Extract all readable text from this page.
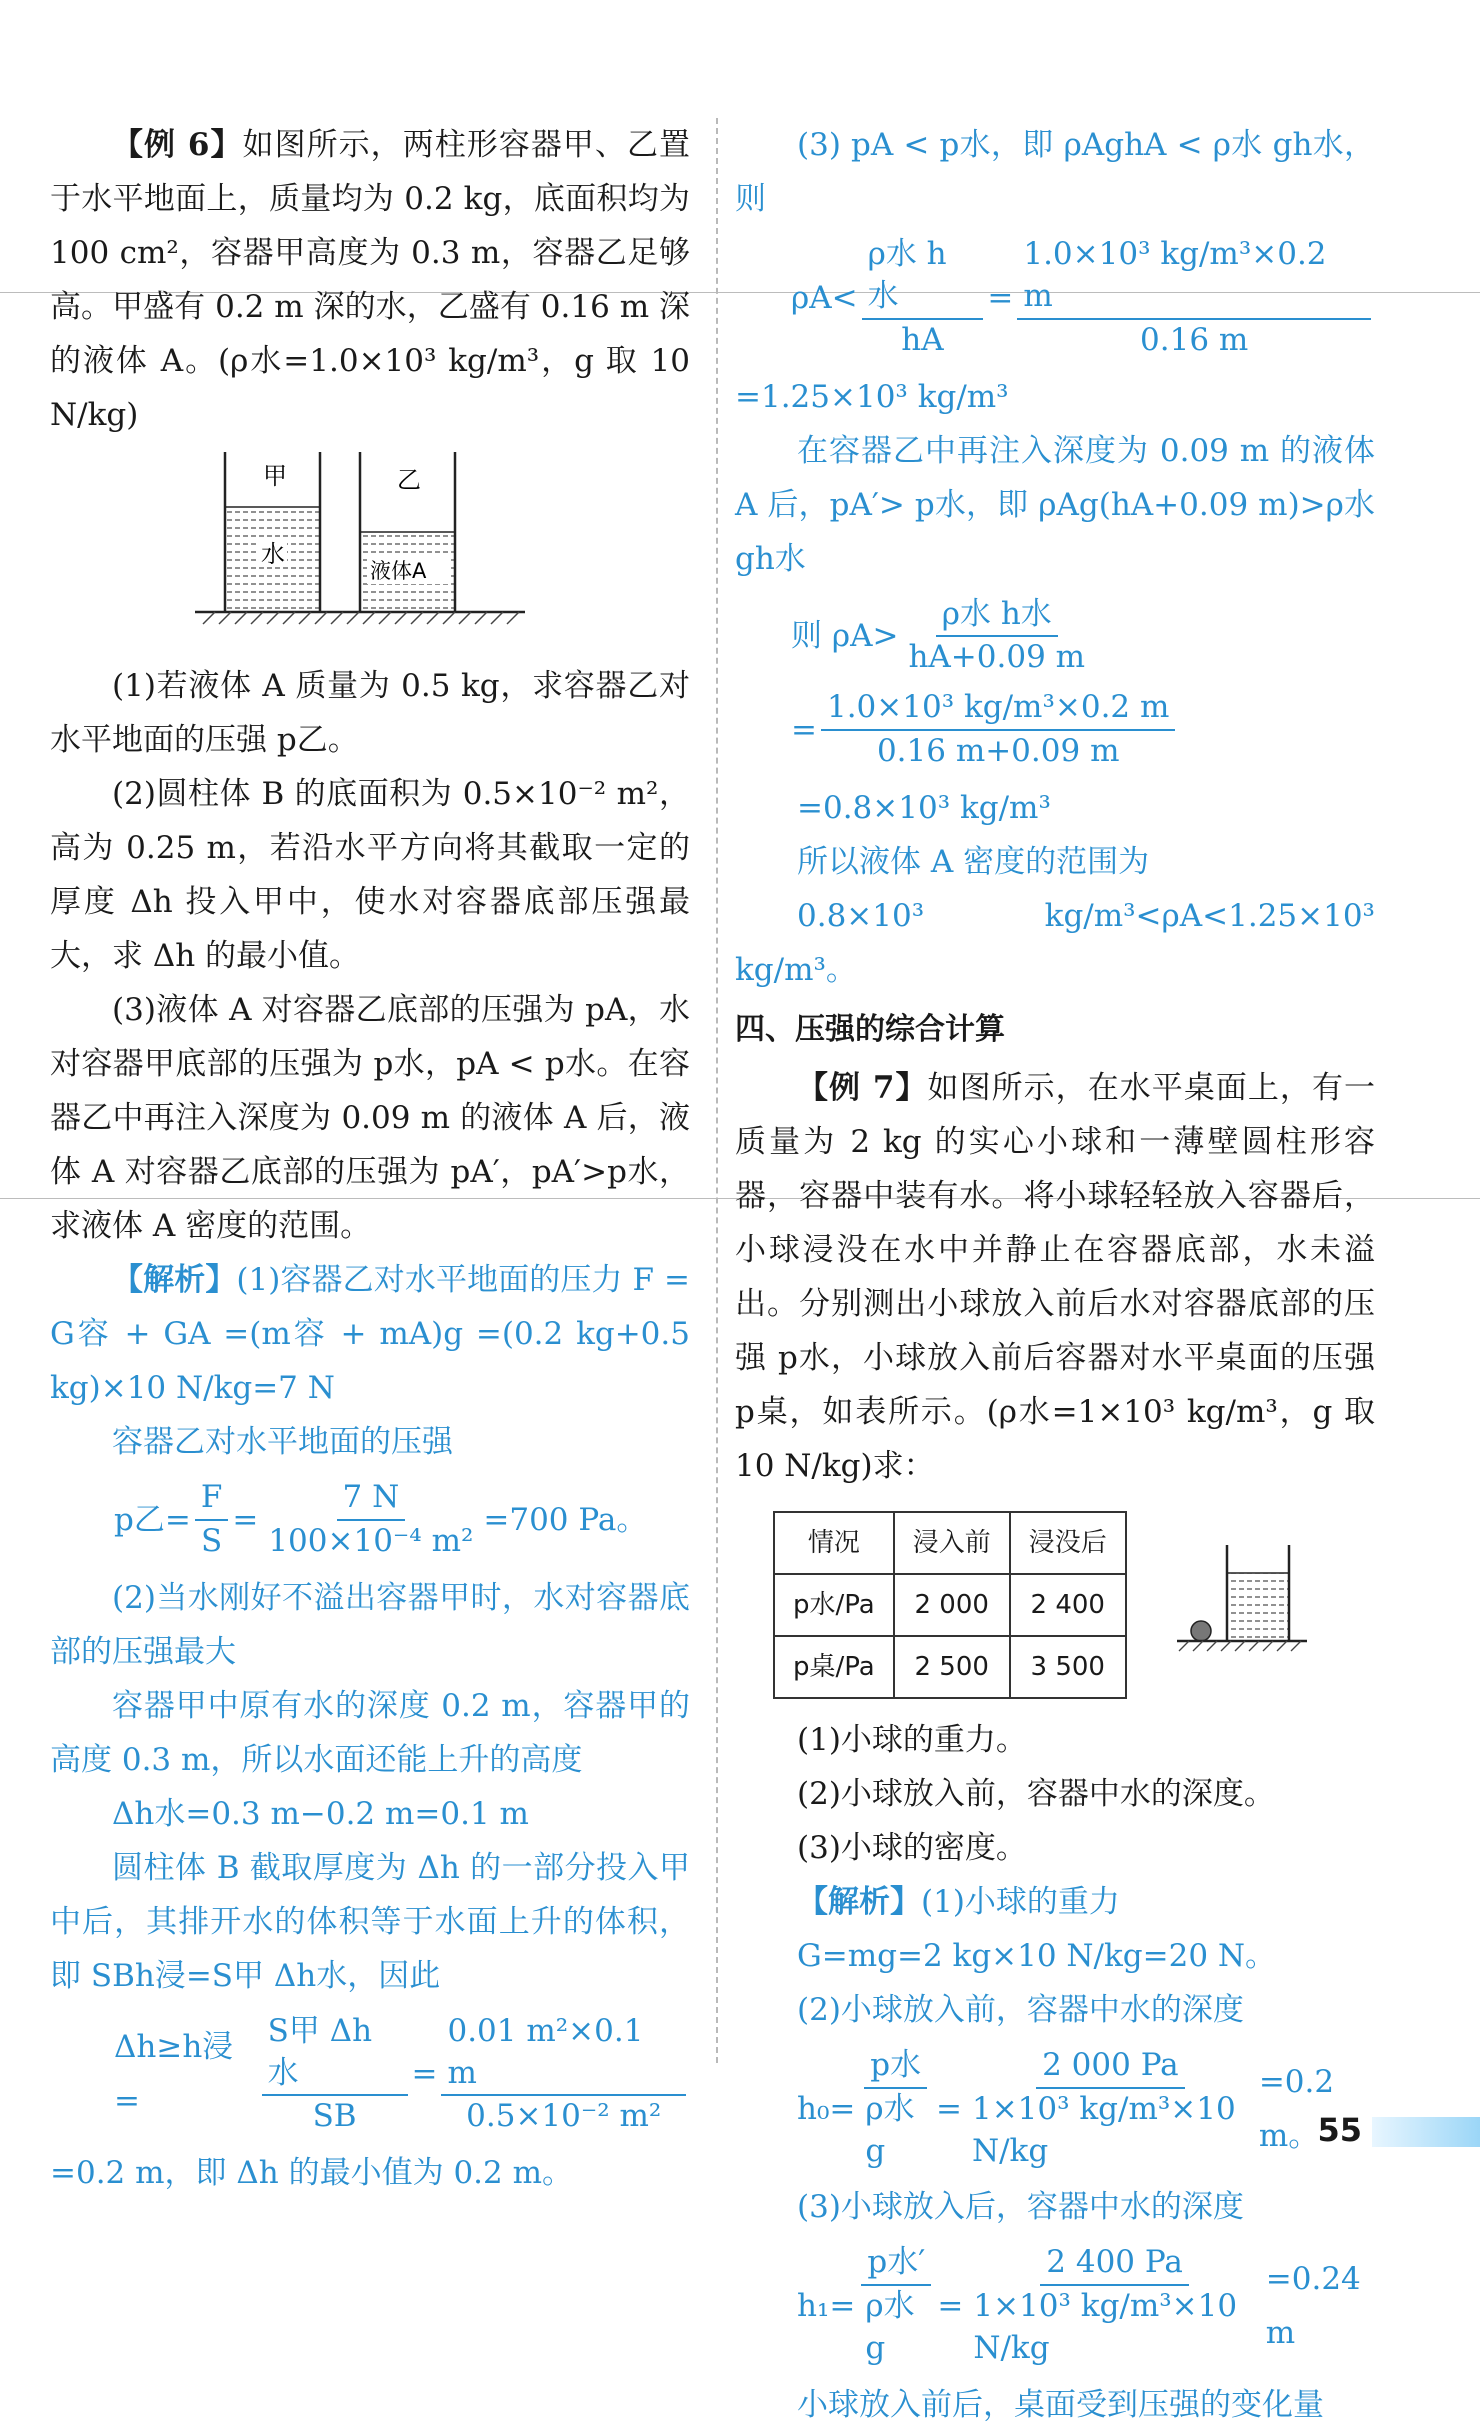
【例 6】如图所示，两柱形容器甲、乙置于水平地面上，质量均为 0.2 kg，底面积均为 100 cm²，容器甲高度为 0.3 m，容器乙足够高。甲盛有 0.2 m 深的水，乙盛有 0.16 m 深的液体 A。(ρ水=1.0×10³ kg/m³，g 取 10 N/kg)

甲
水
乙
液体A

(1)若液体 A 质量为 0.5 kg，求容器乙对水平地面的压强 p乙。

(2)圆柱体 B 的底面积为 0.5×10⁻² m²，高为 0.25 m，若沿水平方向将其截取一定的厚度 Δh 投入甲中，使水对容器底部压强最大，求 Δh 的最小值。

(3)液体 A 对容器乙底部的压强为 pA，水对容器甲底部的压强为 p水，pA < p水。在容器乙中再注入深度为 0.09 m 的液体 A 后，液体 A 对容器乙底部的压强为 pA′，pA′>p水，求液体 A 密度的范围。

【解析】(1)容器乙对水平地面的压力 F = G容 + GA =(m容 + mA)g =(0.2 kg+0.5 kg)×10 N/kg=7 N

容器乙对水平地面的压强

p乙= $\frac{F}{S} = \frac{7 N}{\text{100×10⁻⁴ m²}} =700$ Pa。

(2)当水刚好不溢出容器甲时，水对容器底部的压强最大

容器甲中原有水的深度 0.2 m，容器甲的高度 0.3 m，所以水面还能上升的高度

Δh水=0.3 m−0.2 m=0.1 m

圆柱体 B 截取厚度为 Δh 的一部分投入甲中后，其排开水的体积等于水面上升的体积，即 SBh浸=S甲 Δh水，因此

Δh≥h浸=	$\frac{\text{S甲 Δh水}}{SB} = \frac{\text{0.01 m²×0.1 m}}{\text{0.5×10⁻² m²}}$

=0.2 m，即 Δh 的最小值为 0.2 m。

(3) pA < p水，即 ρAghA < ρ水 gh水，则

$\rho A< \frac{\text{ρ水 h水}}{hA} = \frac{\text{1.0×10³ kg/m³×0.2 m}}{0.16 m}$

=1.25×10³ kg/m³

在容器乙中再注入深度为 0.09 m 的液体 A 后，pA′> p水，即 ρAg(hA+0.09 m)>ρ水 gh水

则 $\rho A> \frac{\text{ρ水 h水}}{hA+0.09 m}$
= $\frac{\text{1.0×10³ kg/m³×0.2 m}}{0.16 m+0.09 m}$

=0.8×10³ kg/m³

所以液体 A 密度的范围为

0.8×10³ kg/m³<ρA<1.25×10³ kg/m³。

四、压强的综合计算

【例 7】如图所示，在水平桌面上，有一质量为 2 kg 的实心小球和一薄壁圆柱形容器，容器中装有水。将小球轻轻放入容器后，小球浸没在水中并静止在容器底部，水未溢出。分别测出小球放入前后水对容器底部的压强 p水，小球放入前后容器对水平桌面的压强 p桌，如表所示。(ρ水=1×10³ kg/m³，g 取 10 N/kg)求：

情况	浸入前	浸没后
p水/Pa	2 000	2 400
p桌/Pa	2 500	3 500

(1)小球的重力。

(2)小球放入前，容器中水的深度。

(3)小球的密度。

【解析】(1)小球的重力

G=mg=2 kg×10 N/kg=20 N。

(2)小球放入前，容器中水的深度

$h_0= \frac{\text{p水}}{\text{ρ水 g}} = \frac{2 000 Pa}{\text{1×10³ kg/m³×10 N/kg}} =0.2$ m。

(3)小球放入后，容器中水的深度

$h_1= \frac{\text{p水′}}{\text{ρ水 g}} = \frac{2 400 Pa}{\text{1×10³ kg/m³×10 N/kg}} =0.24$ m

小球放入前后，桌面受到压强的变化量

55
